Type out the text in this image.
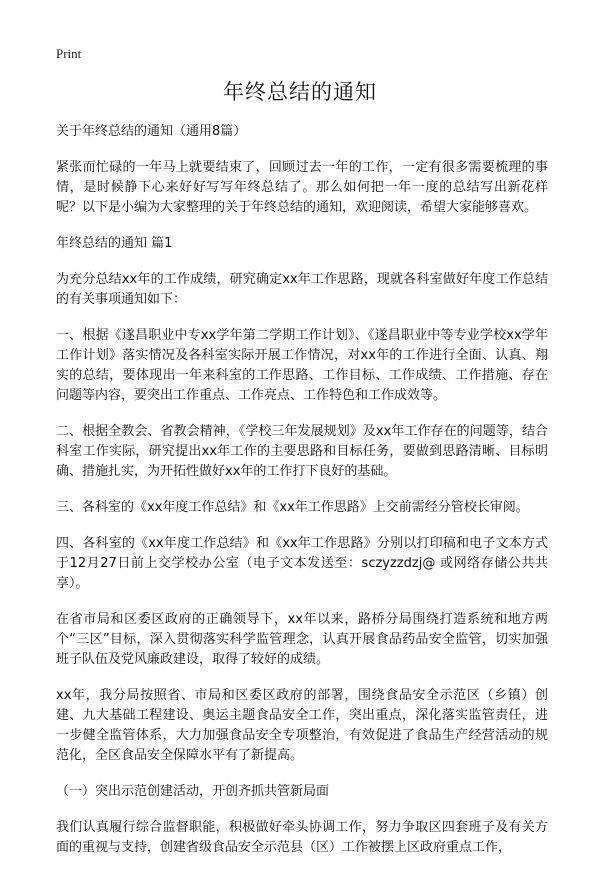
Print
年终总结的通知

关于年终总结的通知（通用8篇）

紧张而忙碌的一年马上就要结束了，回顾过去一年的工作，一定有很多需要梳理的事情，是时候静下心来好好写写年终总结了。那么如何把一年一度的总结写出新花样呢？以下是小编为大家整理的关于年终总结的通知，欢迎阅读，希望大家能够喜欢。

年终总结的通知 篇1

为充分总结xx年的工作成绩，研究确定xx年工作思路，现就各科室做好年度工作总结的有关事项通知如下：

一、根据《遂昌职业中专xx学年第二学期工作计划》、《遂昌职业中等专业学校xx学年工作计划》落实情况及各科室实际开展工作情况，对xx年的工作进行全面、认真、翔实的总结，要体现出一年来科室的工作思路、工作目标、工作成绩、工作措施、存在问题等内容，要突出工作重点、工作亮点、工作特色和工作成效等。

二、根据全教会、省教会精神，《学校三年发展规划》及xx年工作存在的问题等，结合科室工作实际，研究提出xx年工作的主要思路和目标任务，要做到思路清晰、目标明确、措施扎实，为开拓性做好xx年的工作打下良好的基础。

三、各科室的《xx年度工作总结》和《xx年工作思路》上交前需经分管校长审阅。

四、各科室的《xx年度工作总结》和《xx年工作思路》分别以打印稿和电子文本方式于12月27日前上交学校办公室（电子文本发送至：sczyzzdzj@ 或网络存储公共共享）。

在省市局和区委区政府的正确领导下，xx年以来，路桥分局围绕打造系统和地方两个“三区”目标，深入贯彻落实科学监管理念，认真开展食品药品安全监管，切实加强班子队伍及党风廉政建设，取得了较好的成绩。

xx年，我分局按照省、市局和区委区政府的部署，围绕食品安全示范区（乡镇）创建、九大基础工程建设、奥运主题食品安全工作，突出重点，深化落实监管责任，进一步健全监管体系，大力加强食品安全专项整治，有效促进了食品生产经营活动的规范化，全区食品安全保障水平有了新提高。

（一）突出示范创建活动，开创齐抓共管新局面

我们认真履行综合监督职能，积极做好牵头协调工作，努力争取区四套班子及有关方面的重视与支持，创建省级食品安全示范县（区）工作被摆上区政府重点工作，
